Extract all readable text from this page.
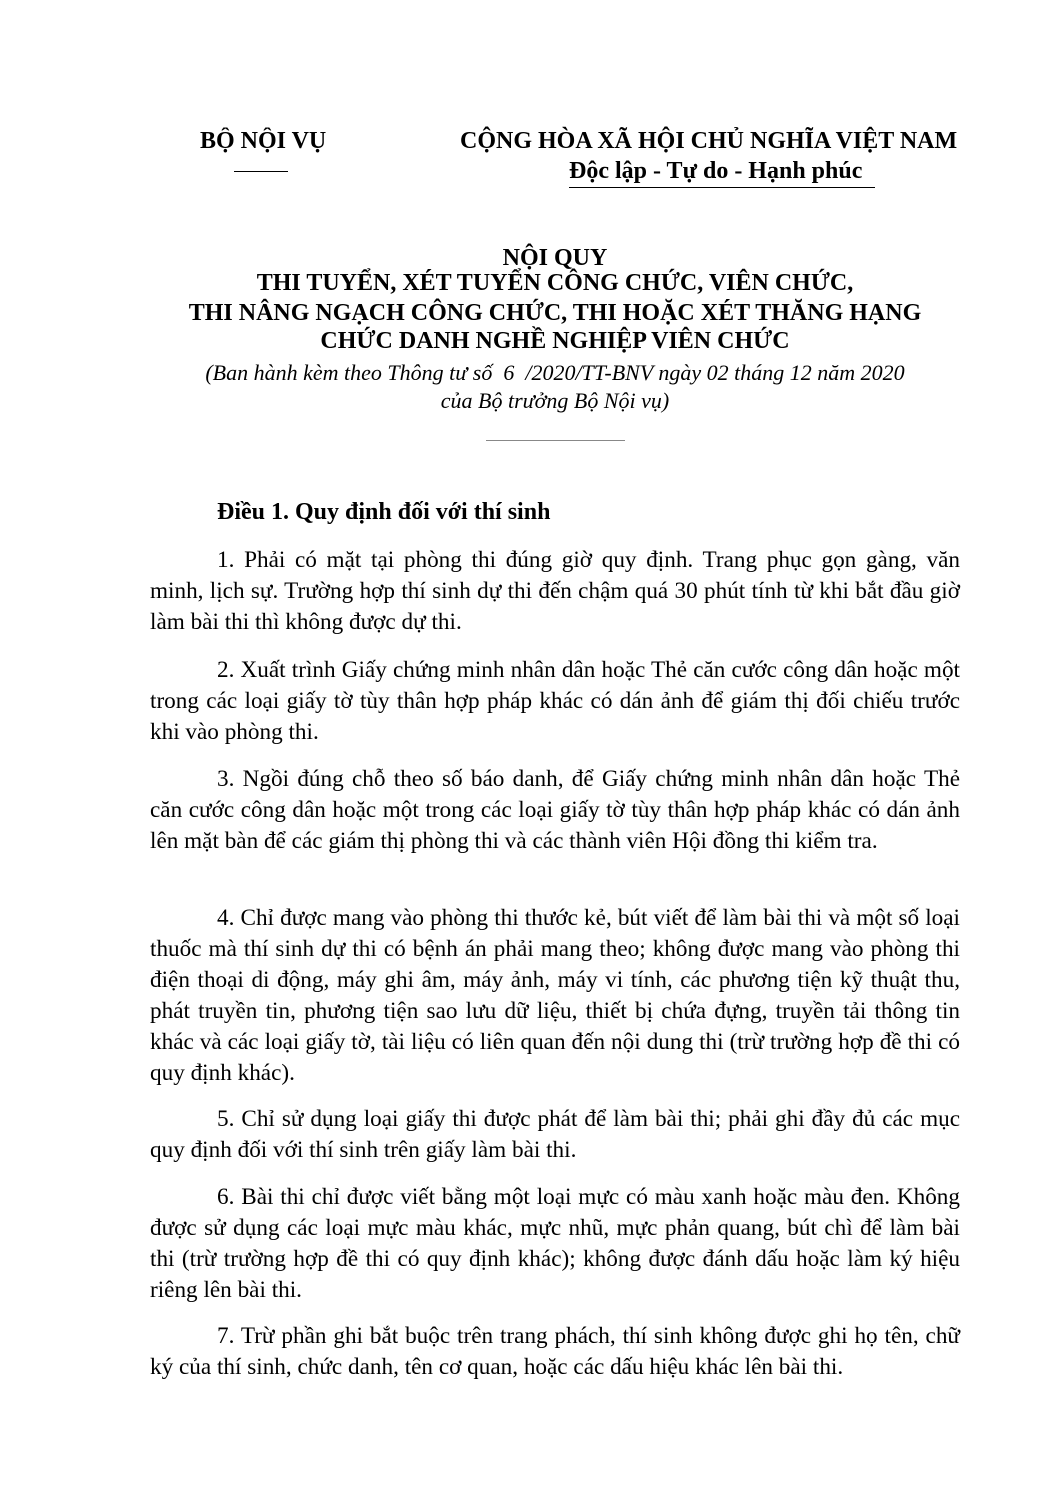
BỘ NỘI VỤ	CỘNG HÒA XÃ HỘI CHỦ NGHĨA VIỆT NAM
Độc lập - Tự do - Hạnh phúc
NỘI QUY
THI TUYỂN, XÉT TUYỂN CÔNG CHỨC, VIÊN CHỨC,
THI NÂNG NGẠCH CÔNG CHỨC, THI HOẶC XÉT THĂNG HẠNG
CHỨC DANH NGHỀ NGHIỆP VIÊN CHỨC
(Ban hành kèm theo Thông tư số  6  /2020/TT-BNV ngày 02 tháng 12 năm 2020
của Bộ trưởng Bộ Nội vụ)
Điều 1. Quy định đối với thí sinh
1. Phải có mặt tại phòng thi đúng giờ quy định. Trang phục gọn gàng, văn minh, lịch sự. Trường hợp thí sinh dự thi đến chậm quá 30 phút tính từ khi bắt đầu giờ làm bài thi thì không được dự thi.
2. Xuất trình Giấy chứng minh nhân dân hoặc Thẻ căn cước công dân hoặc một trong các loại giấy tờ tùy thân hợp pháp khác có dán ảnh để giám thị đối chiếu trước khi vào phòng thi.
3. Ngồi đúng chỗ theo số báo danh, để Giấy chứng minh nhân dân hoặc Thẻ căn cước công dân hoặc một trong các loại giấy tờ tùy thân hợp pháp khác có dán ảnh lên mặt bàn để các giám thị phòng thi và các thành viên Hội đồng thi kiểm tra.
4. Chỉ được mang vào phòng thi thước kẻ, bút viết để làm bài thi và một số loại thuốc mà thí sinh dự thi có bệnh án phải mang theo; không được mang vào phòng thi điện thoại di động, máy ghi âm, máy ảnh, máy vi tính, các phương tiện kỹ thuật thu, phát truyền tin, phương tiện sao lưu dữ liệu, thiết bị chứa đựng, truyền tải thông tin khác và các loại giấy tờ, tài liệu có liên quan đến nội dung thi (trừ trường hợp đề thi có quy định khác).
5. Chỉ sử dụng loại giấy thi được phát để làm bài thi; phải ghi đầy đủ các mục quy định đối với thí sinh trên giấy làm bài thi.
6. Bài thi chỉ được viết bằng một loại mực có màu xanh hoặc màu đen. Không được sử dụng các loại mực màu khác, mực nhũ, mực phản quang, bút chì để làm bài thi (trừ trường hợp đề thi có quy định khác); không được đánh dấu hoặc làm ký hiệu riêng lên bài thi.
7. Trừ phần ghi bắt buộc trên trang phách, thí sinh không được ghi họ tên, chữ ký của thí sinh, chức danh, tên cơ quan, hoặc các dấu hiệu khác lên bài thi.
